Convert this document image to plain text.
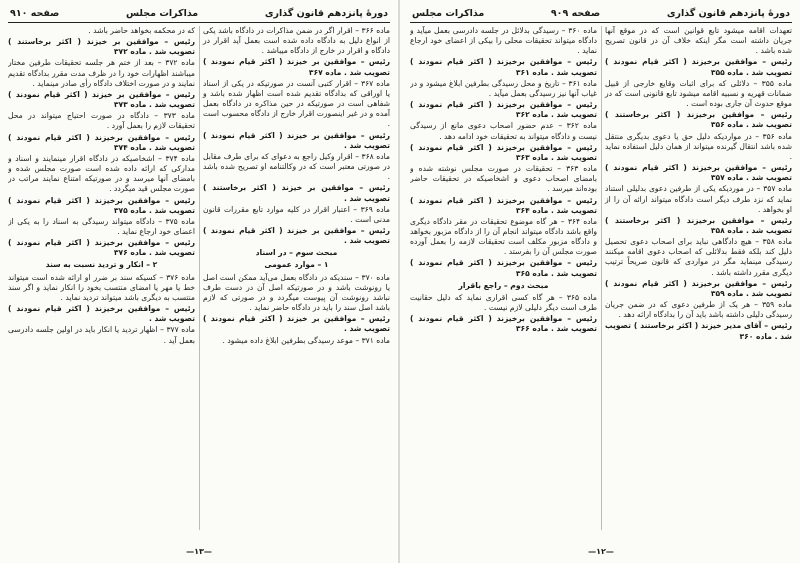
دورهٔ پانزدهم قانون گذاری
مذاکرات مجلس
صفحه ۹۱۰

ماده ۳۶۶ – اقرار اگر در ضمن مذاکرات در دادگاه باشد یکی از انواع دلیل به دادگاه داده شده است بعمل آید اقرار در دادگاه و اقرار در خارج از دادگاه میباشد .

رئیس – موافقین بر خیزند ( اکثر قیام نمودند ) تصویب شد . ماده ۳۶۷

ماده ۳۶۷ – اقرار کتبی آنست در صورتیکه در یکی از اسناد یا اوراقی که بدادگاه تقدیم شده است اظهار شده باشد و شفاهی است در صورتیکه در حین مذاکره در دادگاه بعمل آمده و در غیر اینصورت اقرار خارج از دادگاه محسوب است .

رئیس – موافقین بر خیزند ( اکثر قیام نمودند ) تصویب شد .

ماده ۳۶۸ – اقرار وکیل راجع به دعوای که برای طرف مقابل در صورتی معتبر است که در وکالتنامه او تصریح شده باشد .

رئیس – موافقین بر خیزند ( اکثر برخاستند ) تصویب شد .

ماده ۳۶۹ – اعتبار اقرار در کلیه موارد تابع مقررات قانون مدنی است .

رئیس – موافقین بر خیزند ( اکثر قیام نمودند ) تصویب شد .

مبحث سوم – در اسناد

۱ – موارد عمومی

ماده ۳۷۰ – سندیکه در دادگاه بعمل می‌آید ممکن است اصل یا رونوشت باشد و در صورتیکه اصل آن در دست طرف نباشد رونوشت آن پیوست میگردد و در صورتی که لازم باشد اصل سند را باید در دادگاه حاضر نماید .

رئیس – موافقین بر خیزند ( اکثر قیام نمودند ) تصویب شد .

ماده ۳۷۱ – موعد رسیدگی بطرفین ابلاغ داده میشود .

که در محکمه بخواهد حاضر باشد .

رئیس – موافقین بر خیزند ( اکثر برخاستند ) تصویب شد . ماده ۳۷۲

ماده ۳۷۲ – بعد از ختم هر جلسه تحقیقات طرفین مختار میباشند اظهارات خود را در ظرف مدت مقرر بدادگاه تقدیم نمایند و در صورت اختلاف دادگاه رأی صادر مینماید .

رئیس – موافقین بر خیزند ( اکثر قیام نمودند ) تصویب شد . ماده ۳۷۳

ماده ۳۷۳ – دادگاه در صورت احتیاج میتواند در محل تحقیقات لازم را بعمل آورد .

رئیس – موافقین برخیزند ( اکثر قیام نمودند ) تصویب شد . ماده ۳۷۴

ماده ۳۷۴ – اشخاصیکه در دادگاه اقرار مینمایند و اسناد و مدارکی که ارائه داده شده است صورت مجلس شده و بامضای آنها میرسد و در صورتیکه امتناع نمایند مراتب در صورت مجلس قید میگردد .

رئیس – موافقین برخیزند ( اکثر قیام نمودند ) تصویب شد . ماده ۳۷۵

ماده ۳۷۵ – دادگاه میتواند رسیدگی به اسناد را به یکی از اعضای خود ارجاع نماید .

رئیس – موافقین برخیزند ( اکثر قیام نمودند ) تصویب شد . ماده ۳۷۶

۲ – انکار و تردید نسبت به سند

ماده ۳۷۶ – کسیکه سند بر ضرر او ارائه شده است میتواند خط یا مهر یا امضای منتسب بخود را انکار نماید و اگر سند منتسب به دیگری باشد میتواند تردید نماید .

رئیس – موافقین برخیزند ( اکثر قیام نمودند ) تصویب شد .

ماده ۳۷۷ – اظهار تردید یا انکار باید در اولین جلسه دادرسی بعمل آید .

—۱۳—
دورهٔ پانزدهم قانون گذاری
صفحه ۹۰۹
مذاکرات مجلس

تعهدات اقامه میشود تابع قوانین است که در موقع آنها جریان داشته است مگر اینکه خلاف آن در قانون تصریح شده باشد .

رئیس – موافقین برخیزند ( اکثر قیام نمودند ) تصویب شد . ماده ۳۵۵

ماده ۳۵۵ – دلائلی که برای اثبات وقایع خارجی از قبیل ضمانات قهریه و نسبیه اقامه میشود تابع قانونی است که در موقع حدوث آن جاری بوده است .

رئیس – موافقین برخیزند ( اکثر برخاستند ) تصویب شد . ماده ۳۵۶

ماده ۳۵۶ – در مواردیکه دلیل حق یا دعوی بدیگری منتقل شده باشد انتقال گیرنده میتواند از همان دلیل استفاده نماید .

رئیس – موافقین برخیزند ( اکثر قیام نمودند ) تصویب شد . ماده ۳۵۷

ماده ۳۵۷ – در موردیکه یکی از طرفین دعوی بدلیلی استناد نماید که نزد طرف دیگر است دادگاه میتواند ارائه آن را از او بخواهد .

رئیس – موافقین برخیزند ( اکثر برخاستند ) تصویب شد . ماده ۳۵۸

ماده ۳۵۸ – هیچ دادگاهی نباید برای اصحاب دعوی تحصیل دلیل کند بلکه فقط بدلائلی که اصحاب دعوی اقامه میکنند رسیدگی مینماید مگر در مواردی که قانون صریحاً ترتیب دیگری مقرر داشته باشد .

رئیس – موافقین برخیزند ( اکثر قیام نمودند ) تصویب شد . ماده ۳۵۹

ماده ۳۵۹ – هر یک از طرفین دعوی که در ضمن جریان رسیدگی دلیلی داشته باشد باید آن را بدادگاه ارائه دهد .

رئیس – آقای مدیر خیزند ( اکثر برخاستند ) تصویب شد . ماده ۳۶۰

ماده ۳۶۰ – رسیدگی بدلائل در جلسه دادرسی بعمل میآید و دادگاه میتواند تحقیقات محلی را بیکی از اعضای خود ارجاع نماید .

رئیس – موافقین برخیزند ( اکثر قیام نمودند ) تصویب شد . ماده ۳۶۱

ماده ۳۶۱ – تاریخ و محل رسیدگی بطرفین ابلاغ میشود و در غیاب آنها نیز رسیدگی بعمل میآید .

رئیس – موافقین برخیزند ( اکثر قیام نمودند ) تصویب شد . ماده ۳۶۲

ماده ۳۶۲ – عدم حضور اصحاب دعوی مانع از رسیدگی نیست و دادگاه میتواند به تحقیقات خود ادامه دهد .

رئیس – موافقین برخیزند ( اکثر قیام نمودند ) تصویب شد . ماده ۳۶۳

ماده ۳۶۳ – تحقیقات در صورت مجلس نوشته شده و بامضای اصحاب دعوی و اشخاصیکه در تحقیقات حاضر بوده‌اند میرسد .

رئیس – موافقین برخیزند ( اکثر قیام نمودند ) تصویب شد . ماده ۳۶۴

ماده ۳۶۴ – هر گاه موضوع تحقیقات در مقر دادگاه دیگری واقع باشد دادگاه میتواند انجام آن را از دادگاه مزبور بخواهد و دادگاه مزبور مکلف است تحقیقات لازمه را بعمل آورده صورت مجلس آن را بفرستد .

رئیس – موافقین برخیزند ( اکثر قیام نمودند ) تصویب شد . ماده ۳۶۵

مبحث دوم – راجع باقرار

ماده ۳۶۵ – هر گاه کسی اقراری نماید که دلیل حقانیت طرف است دیگر دلیلی لازم نیست .

رئیس – موافقین برخیزند ( اکثر قیام نمودند ) تصویب شد . ماده ۳۶۶

—۱۲—
